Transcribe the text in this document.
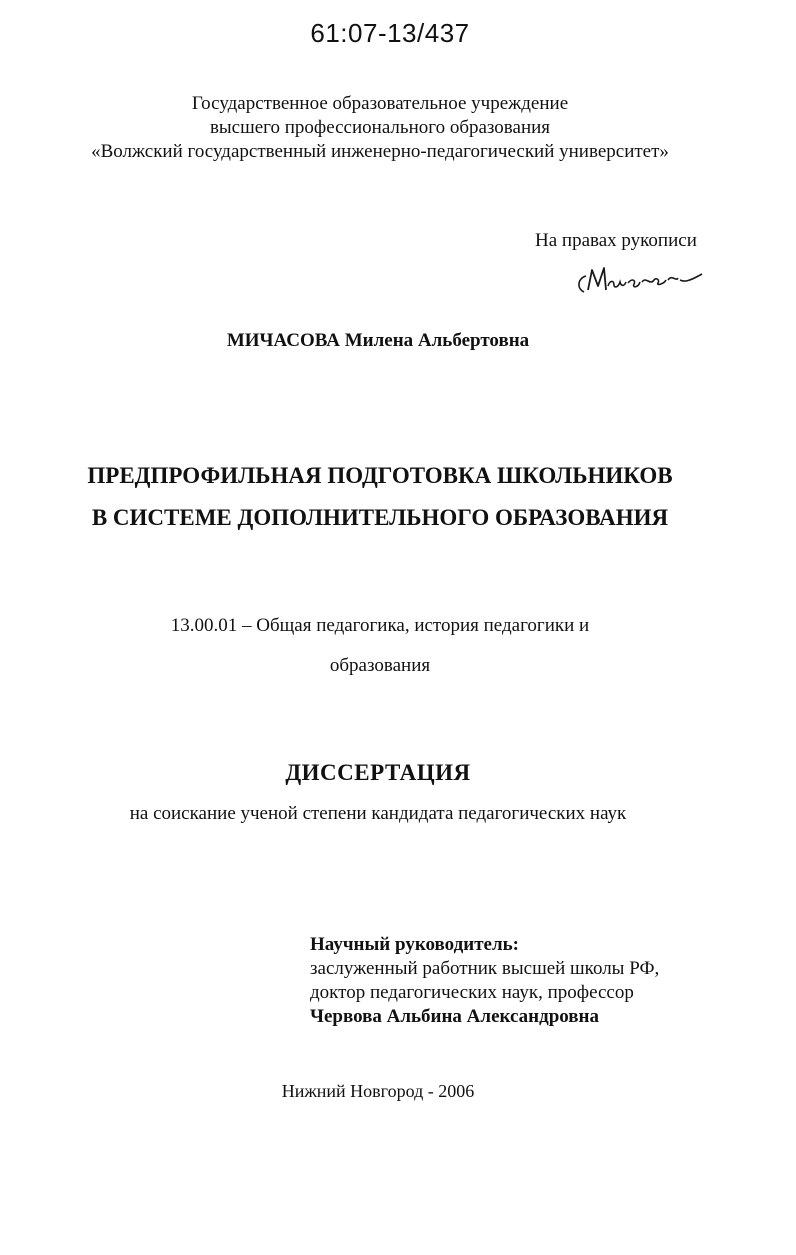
61:07-13/437
Государственное образовательное учреждение
высшего профессионального образования
«Волжский государственный инженерно-педагогический университет»
На правах рукописи
МИЧАСОВА Милена Альбертовна
ПРЕДПРОФИЛЬНАЯ ПОДГОТОВКА ШКОЛЬНИКОВ
В СИСТЕМЕ ДОПОЛНИТЕЛЬНОГО ОБРАЗОВАНИЯ
13.00.01 – Общая педагогика, история педагогики и
образования
ДИССЕРТАЦИЯ
на соискание ученой степени кандидата педагогических наук
Научный руководитель:
заслуженный работник высшей школы РФ,
доктор педагогических наук, профессор
Червова Альбина Александровна
Нижний Новгород - 2006
